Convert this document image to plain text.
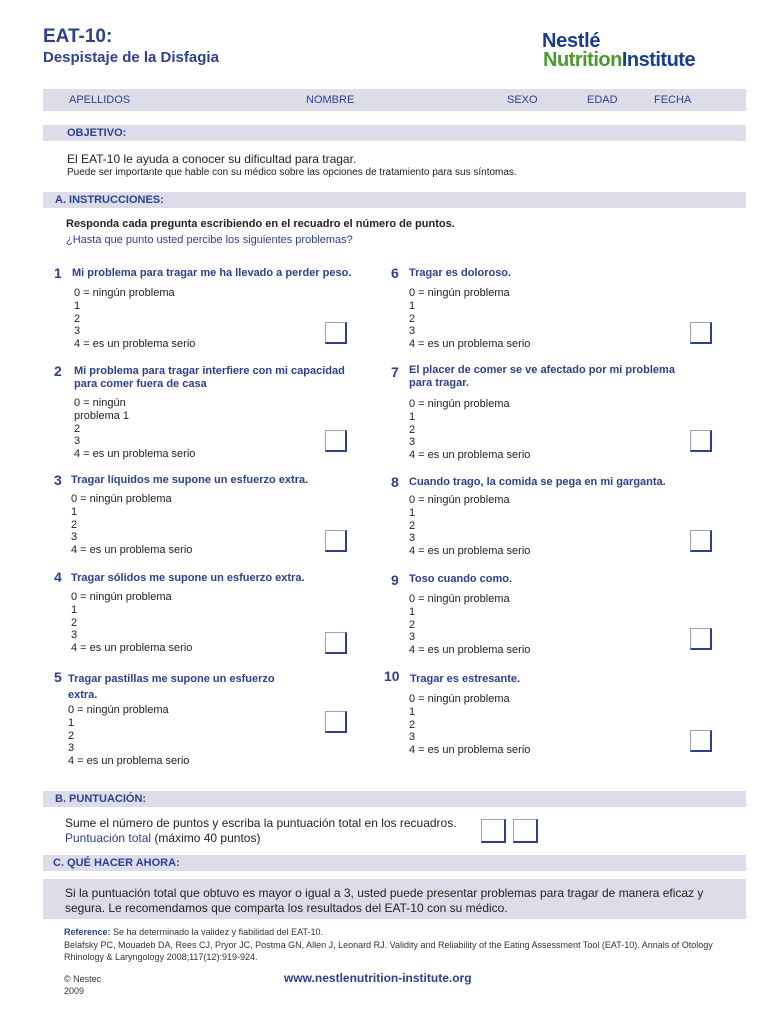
EAT-10:
Despistaje de la Disfagia
Nestlé
NutritionInstitute
APELLIDOS	NOMBRE	SEXO	EDAD	FECHA
OBJETIVO:
El EAT-10 le ayuda a conocer su dificultad para tragar.
Puede ser importante que hable con su médico sobre las opciones de tratamiento para sus síntomas.
A. INSTRUCCIONES:
Responda cada pregunta escribiendo en el recuadro el número de puntos.
¿Hasta que punto usted percibe los siguientes problemas?
1 Mi problema para tragar me ha llevado a perder peso.
0 = ningún problema
1
2
3
4 = es un problema serio
2 Mi problema para tragar interfiere con mi capacidad para comer fuera de casa
0 = ningún
problema 1
2
3
4 = es un problema serio
3 Tragar líquidos me supone un esfuerzo extra.
0 = ningún problema
1
2
3
4 = es un problema serio
4 Tragar sólidos me supone un esfuerzo extra.
0 = ningún problema
1
2
3
4 = es un problema serio
5 Tragar pastillas me supone un esfuerzo extra.
0 = ningún problema
1
2
3
4 = es un problema serio
6 Tragar es doloroso.
0 = ningún problema
1
2
3
4 = es un problema serio
7 El placer de comer se ve afectado por mi problema para tragar.
0 = ningún problema
1
2
3
4 = es un problema serio
8 Cuando trago, la comida se pega en mi garganta.
0 = ningún problema
1
2
3
4 = es un problema serio
9 Toso cuando como.
0 = ningún problema
1
2
3
4 = es un problema serio
10 Tragar es estresante.
0 = ningún problema
1
2
3
4 = es un problema serio
B. PUNTUACIÓN:
Sume el número de puntos y escriba la puntuación total en los recuadros.
Puntuación total (máximo 40 puntos)
C. QUÉ HACER AHORA:
Si la puntuación total que obtuvo es mayor o igual a 3, usted puede presentar problemas para tragar de manera eficaz y
segura. Le recomendamos que comparta los resultados del EAT-10 con su médico.
Reference: Se ha determinado la validez y fiabilidad del EAT-10.
Belafsky PC, Mouadeb DA, Rees CJ, Pryor JC, Postma GN, Allen J, Leonard RJ. Validity and Reliability of the Eating Assessment Tool (EAT-10). Annals of Otology
Rhinology & Laryngology 2008;117(12):919-924.
© Nestec
2009
www.nestlenutrition-institute.org
